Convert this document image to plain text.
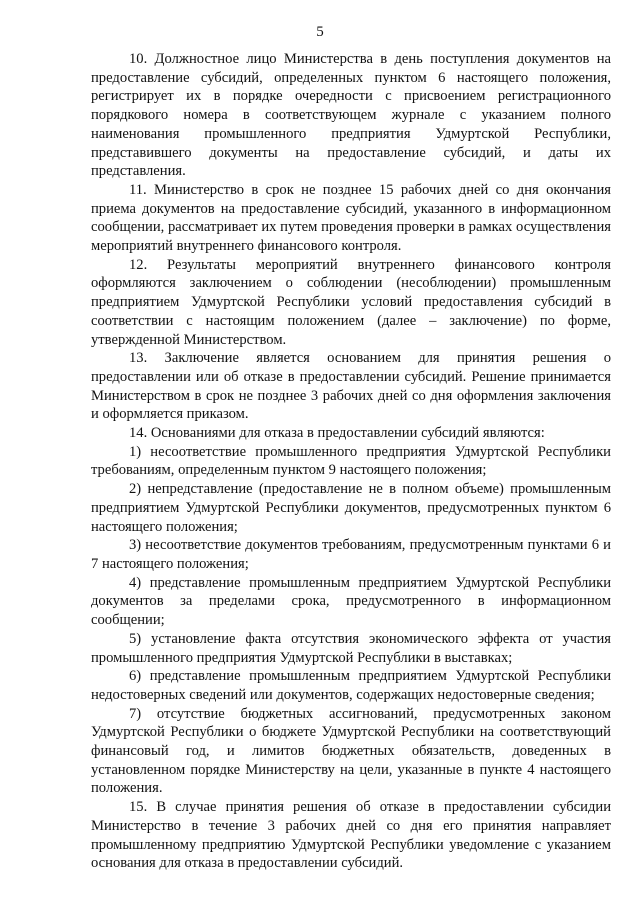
5

10. Должностное лицо Министерства в день поступления документов на предоставление субсидий, определенных пунктом 6 настоящего положения, регистрирует их в порядке очередности с присвоением регистрационного порядкового номера в соответствующем журнале с указанием полного наименования промышленного предприятия Удмуртской Республики, представившего документы на предоставление субсидий, и даты их представления.

11. Министерство в срок не позднее 15 рабочих дней со дня окончания приема документов на предоставление субсидий, указанного в информационном сообщении, рассматривает их путем проведения проверки в рамках осуществления мероприятий внутреннего финансового контроля.

12. Результаты мероприятий внутреннего финансового контроля оформляются заключением о соблюдении (несоблюдении) промышленным предприятием Удмуртской Республики условий предоставления субсидий в соответствии с настоящим положением (далее – заключение) по форме, утвержденной Министерством.

13. Заключение является основанием для принятия решения о предоставлении или об отказе в предоставлении субсидий. Решение принимается Министерством в срок не позднее 3 рабочих дней со дня оформления заключения и оформляется приказом.

14. Основаниями для отказа в предоставлении субсидий являются:

1) несоответствие промышленного предприятия Удмуртской Республики требованиям, определенным пунктом 9 настоящего положения;

2) непредставление (предоставление не в полном объеме) промышленным предприятием Удмуртской Республики документов, предусмотренных пунктом 6 настоящего положения;

3) несоответствие документов требованиям, предусмотренным пунктами 6 и 7 настоящего положения;

4) представление промышленным предприятием Удмуртской Республики документов за пределами срока, предусмотренного в информационном сообщении;

5) установление факта отсутствия экономического эффекта от участия промышленного предприятия Удмуртской Республики в выставках;

6) представление промышленным предприятием Удмуртской Республики недостоверных сведений или документов, содержащих недостоверные сведения;

7) отсутствие бюджетных ассигнований, предусмотренных законом Удмуртской Республики о бюджете Удмуртской Республики на соответствующий финансовый год, и лимитов бюджетных обязательств, доведенных в установленном порядке Министерству на цели, указанные в пункте 4 настоящего положения.

15. В случае принятия решения об отказе в предоставлении субсидии Министерство в течение 3 рабочих дней со дня его принятия направляет промышленному предприятию Удмуртской Республики уведомление с указанием основания для отказа в предоставлении субсидий.
